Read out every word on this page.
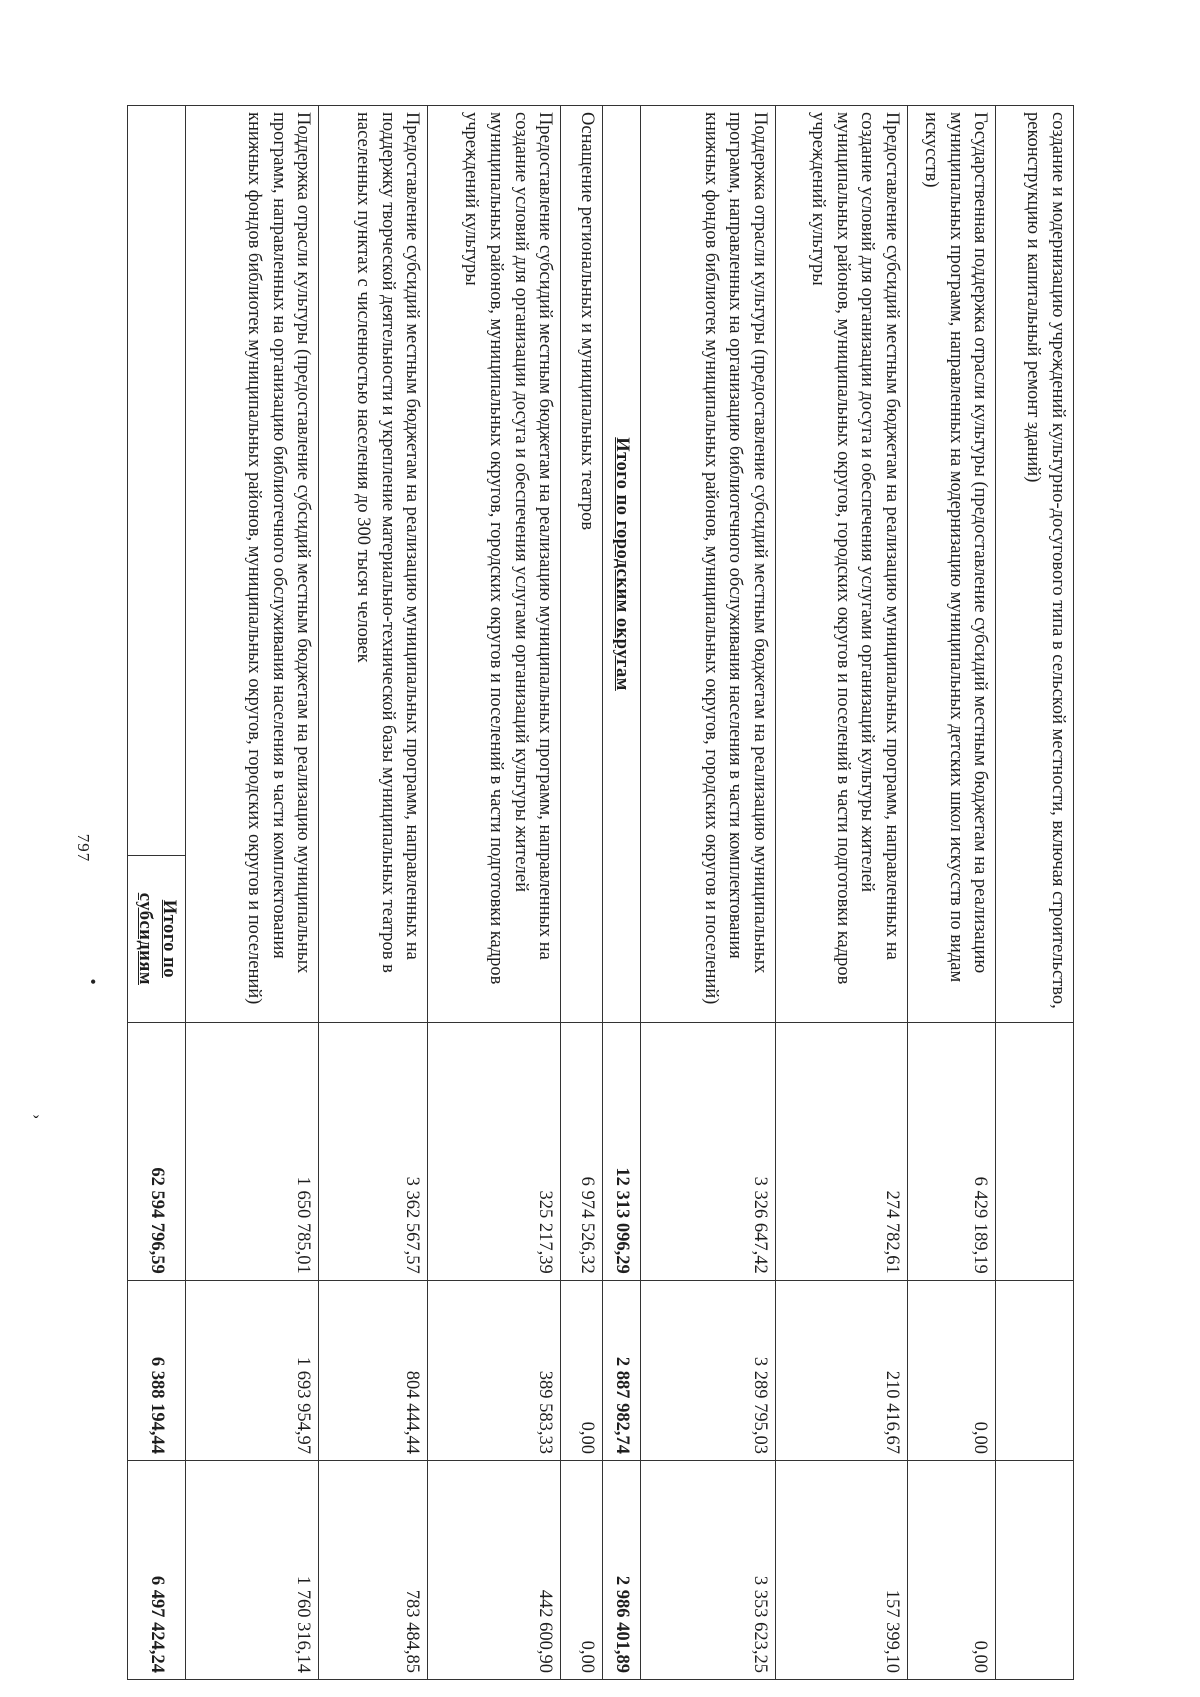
•
ˇ
797	создание и модернизацию учреждений культурно-досугового типа в сельской местности, включая строительство, реконструкцию и капитальный ремонт зданий)				
Государственная поддержка отрасли культуры (предоставление субсидий местным бюджетам на реализацию муниципальных программ, направленных на модернизацию муниципальных детских школ искусств по видам искусств)		6 429 189,19	0,00	0,00
Предоставление субсидий местным бюджетам на реализацию муниципальных программ, направленных на создание условий для организации досуга и обеспечения услугами организаций культуры жителей муниципальных районов, муниципальных округов, городских округов и поселений в части подготовки кадров учреждений культуры		274 782,61	210 416,67	157 399,10
Поддержка отрасли культуры (предоставление субсидий местным бюджетам на реализацию муниципальных программ, направленных на организацию библиотечного обслуживания населения в части комплектования книжных фондов библиотек муниципальных районов, муниципальных округов, городских округов и поселений)		3 326 647,42	3 289 795,03	3 353 623,25
Итого по городским округам		12 313 096,29	2 887 982,74	2 986 401,89
Оснащение региональных и муниципальных театров		6 974 526,32	0,00	0,00
Предоставление субсидий местным бюджетам на реализацию муниципальных программ, направленных на создание условий для организации досуга и обеспечения услугами организаций культуры жителей муниципальных районов, муниципальных округов, городских округов и поселений в части подготовки кадров учреждений культуры		325 217,39	389 583,33	442 600,90
Предоставление субсидий местным бюджетам на реализацию муниципальных программ, направленных на поддержку творческой деятельности и укрепление материально-технической базы муниципальных театров в населенных пунктах с численностью населения до 300 тысяч человек		3 362 567,57	804 444,44	783 484,85
Поддержка отрасли культуры (предоставление субсидий местным бюджетам на реализацию муниципальных программ, направленных на организацию библиотечного обслуживания населения в части комплектования книжных фондов библиотек муниципальных районов, муниципальных округов, городских округов и поселений)		1 650 785,01	1 693 954,97	1 760 316,14
	Итого по субсидиям	62 594 796,59	6 388 194,44	6 497 424,24
